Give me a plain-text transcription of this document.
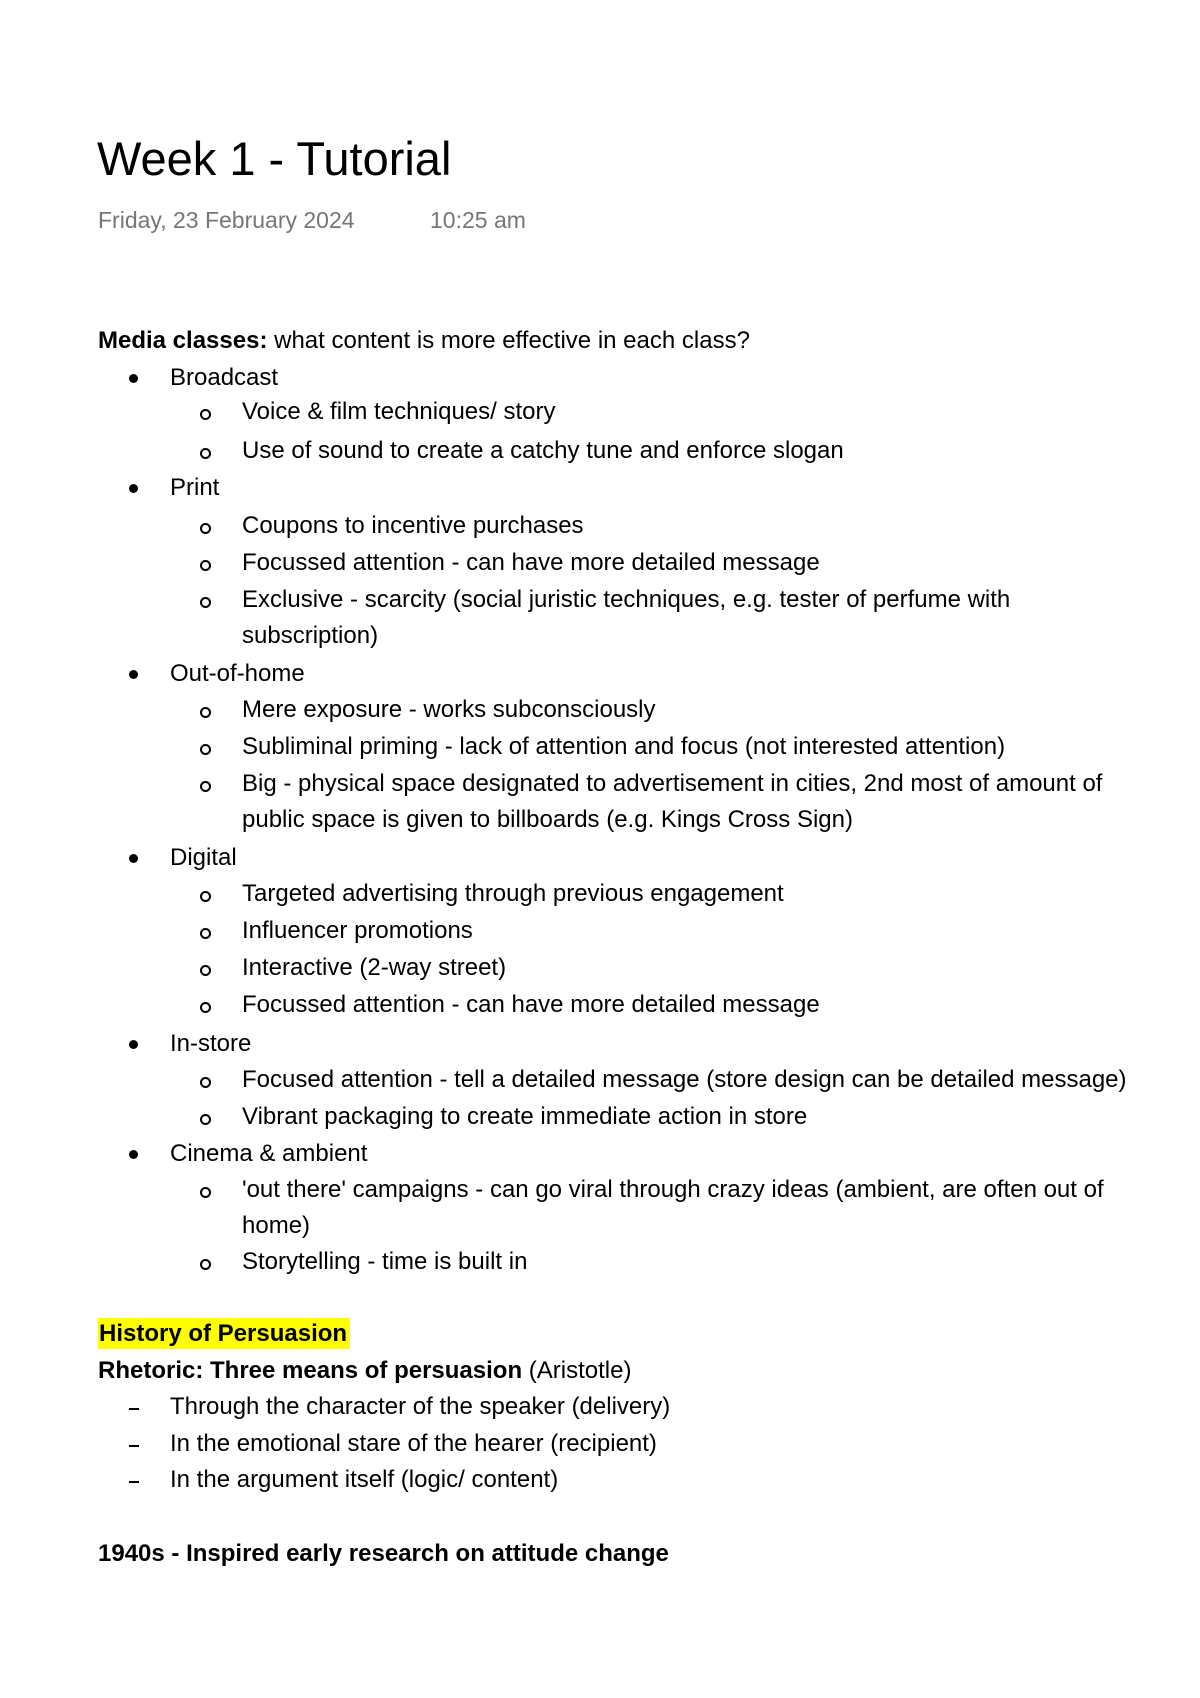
Week 1 - Tutorial
Friday, 23 February 2024	10:25 am
Media classes: what content is more effective in each class?
Broadcast
Voice & film techniques/ story
Use of sound to create a catchy tune and enforce slogan
Print
Coupons to incentive purchases
Focussed attention - can have more detailed message
Exclusive - scarcity (social juristic techniques, e.g. tester of perfume with
subscription)
Out-of-home
Mere exposure - works subconsciously
Subliminal priming - lack of attention and focus (not interested attention)
Big - physical space designated to advertisement in cities, 2nd most of amount of
public space is given to billboards (e.g. Kings Cross Sign)
Digital
Targeted advertising through previous engagement
Influencer promotions
Interactive (2-way street)
Focussed attention - can have more detailed message
In-store
Focused attention - tell a detailed message (store design can be detailed message)
Vibrant packaging to create immediate action in store
Cinema & ambient
'out there' campaigns - can go viral through crazy ideas (ambient, are often out of
home)
Storytelling - time is built in
History of Persuasion
Rhetoric: Three means of persuasion (Aristotle)
Through the character of the speaker (delivery)
In the emotional stare of the hearer (recipient)
In the argument itself (logic/ content)
1940s - Inspired early research on attitude change
